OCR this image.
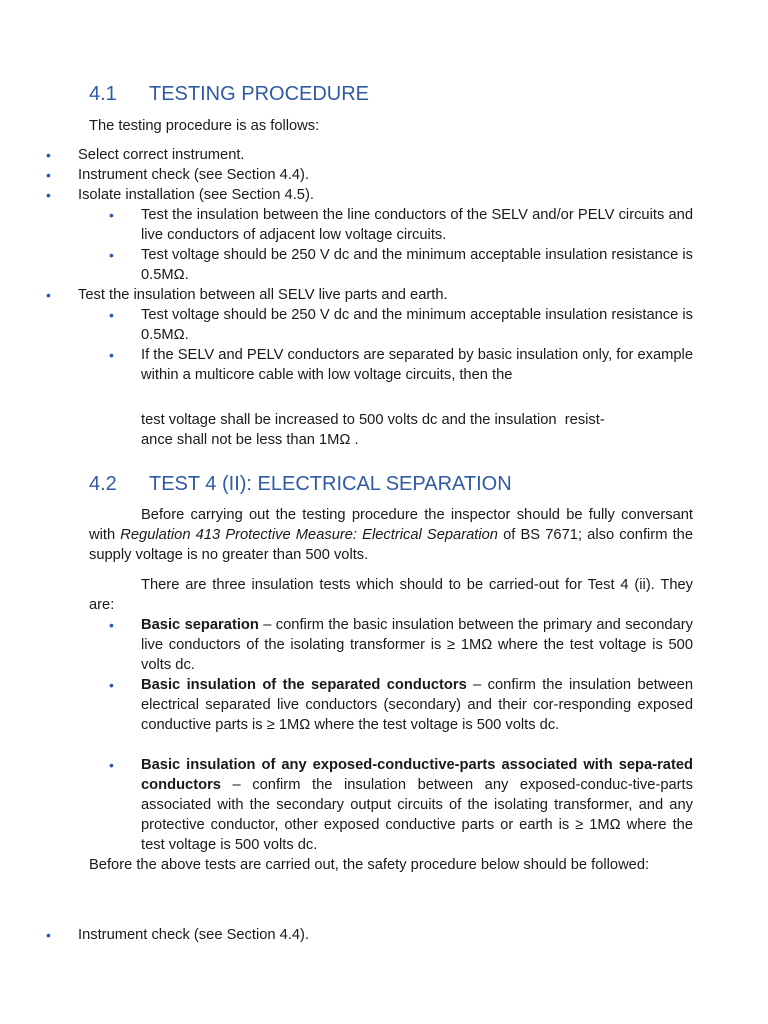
4.1 TESTING PROCEDURE

The testing procedure is as follows:

• Select correct instrument.
• Instrument check (see Section 4.4).
• Isolate installation (see Section 4.5).
• Test the insulation between the line conductors of the SELV and/or PELV circuits and live conductors of adjacent low voltage circuits.
• Test voltage should be 250 V dc and the minimum acceptable insulation resistance is 0.5MΩ.
• Test the insulation between all SELV live parts and earth.
• Test voltage should be 250 V dc and the minimum acceptable insulation resistance is 0.5MΩ.
• If the SELV and PELV conductors are separated by basic insulation only, for example within a multicore cable with low voltage circuits, then the

test voltage shall be increased to 500 volts dc and the insulation  resist-

ance shall not be less than 1MΩ .

4.2 TEST 4 (II): ELECTRICAL SEPARATION

Before carrying out the testing procedure the inspector should be fully conversant with Regulation 413 Protective Measure: Electrical Separation of BS 7671; also confirm the supply voltage is no greater than 500 volts.

There are three insulation tests which should to be carried-out for Test 4 (ii). They are:

• Basic separation – confirm the basic insulation between the primary and secondary live conductors of the isolating transformer is ≥ 1MΩ where the test voltage is 500 volts dc.
• Basic insulation of the separated conductors – confirm the insulation between electrical separated live conductors (secondary) and their cor-responding exposed conductive parts is ≥ 1MΩ where the test voltage is 500 volts dc.
• Basic insulation of any exposed-conductive-parts associated with sepa-rated conductors – confirm the insulation between any exposed-conduc-tive-parts associated with the secondary output circuits of the isolating transformer, and any protective conductor, other exposed conductive parts or earth is ≥ 1MΩ where the test voltage is 500 volts dc.

Before the above tests are carried out, the safety procedure below should be followed:

• Instrument check (see Section 4.4).
